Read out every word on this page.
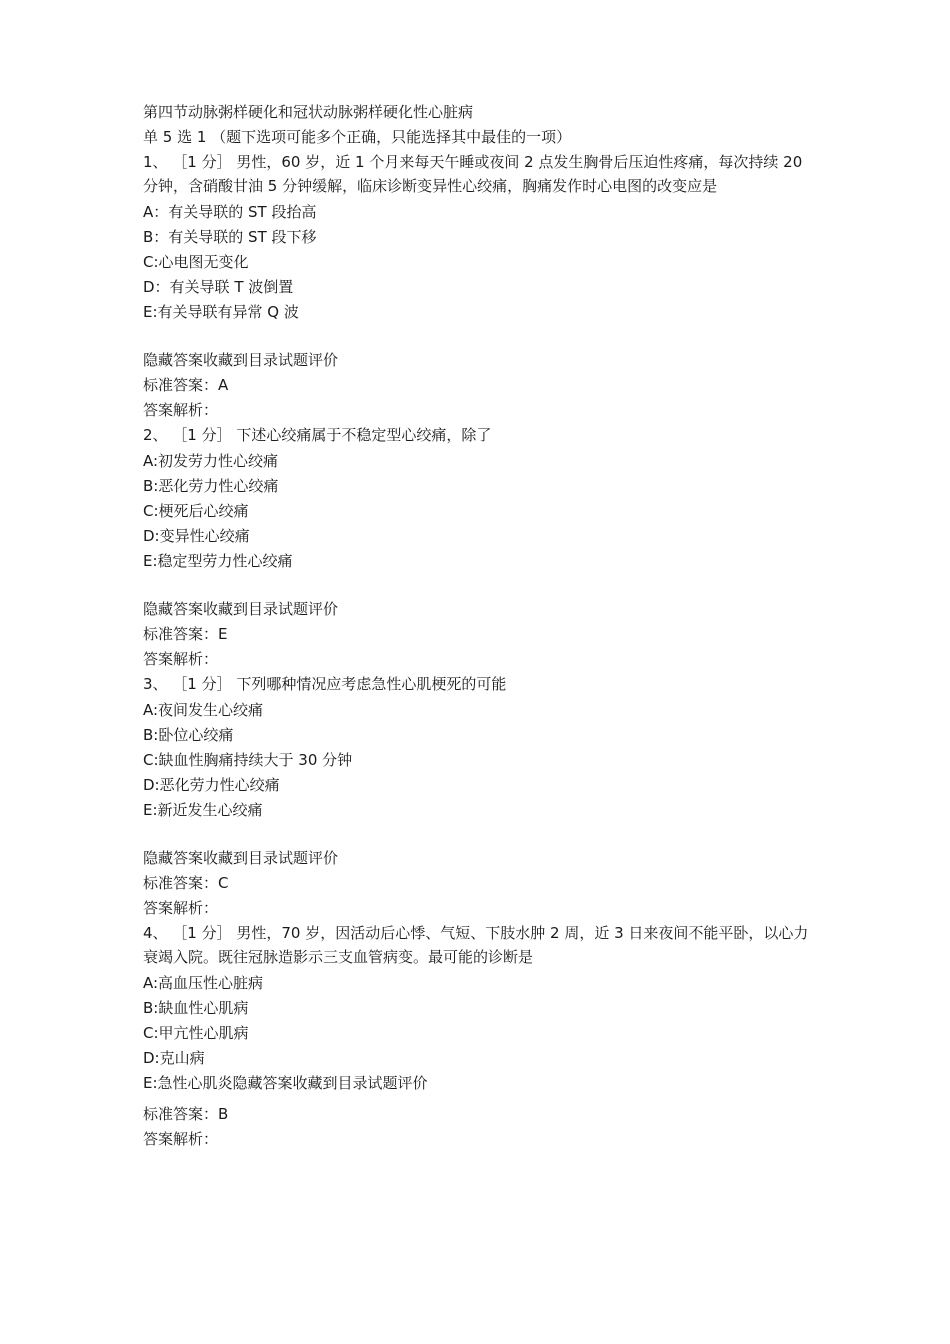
第四节动脉粥样硬化和冠状动脉粥样硬化性心脏病
单 5 选 1 （题下选项可能多个正确，只能选择其中最佳的一项）
1、 ［1 分］ 男性，60 岁，近 1 个月来每天午睡或夜间 2 点发生胸骨后压迫性疼痛，每次持续 20 分钟，含硝酸甘油 5 分钟缓解，临床诊断变异性心绞痛，胸痛发作时心电图的改变应是
A：有关导联的 ST 段抬高
B：有关导联的 ST 段下移
C:心电图无变化
D：有关导联 T 波倒置
E:有关导联有异常 Q 波
隐藏答案收藏到目录试题评价
标准答案：A
答案解析：
2、 ［1 分］ 下述心绞痛属于不稳定型心绞痛，除了
A:初发劳力性心绞痛
B:恶化劳力性心绞痛
C:梗死后心绞痛
D:变异性心绞痛
E:稳定型劳力性心绞痛
隐藏答案收藏到目录试题评价
标准答案：E
答案解析：
3、 ［1 分］ 下列哪种情况应考虑急性心肌梗死的可能
A:夜间发生心绞痛
B:卧位心绞痛
C:缺血性胸痛持续大于 30 分钟
D:恶化劳力性心绞痛
E:新近发生心绞痛
隐藏答案收藏到目录试题评价
标准答案：C
答案解析：
4、 ［1 分］ 男性，70 岁，因活动后心悸、气短、下肢水肿 2 周，近 3 日来夜间不能平卧，以心力衰竭入院。既往冠脉造影示三支血管病变。最可能的诊断是
A:高血压性心脏病
B:缺血性心肌病
C:甲亢性心肌病
D:克山病
E:急性心肌炎隐藏答案收藏到目录试题评价
标准答案：B
答案解析：
